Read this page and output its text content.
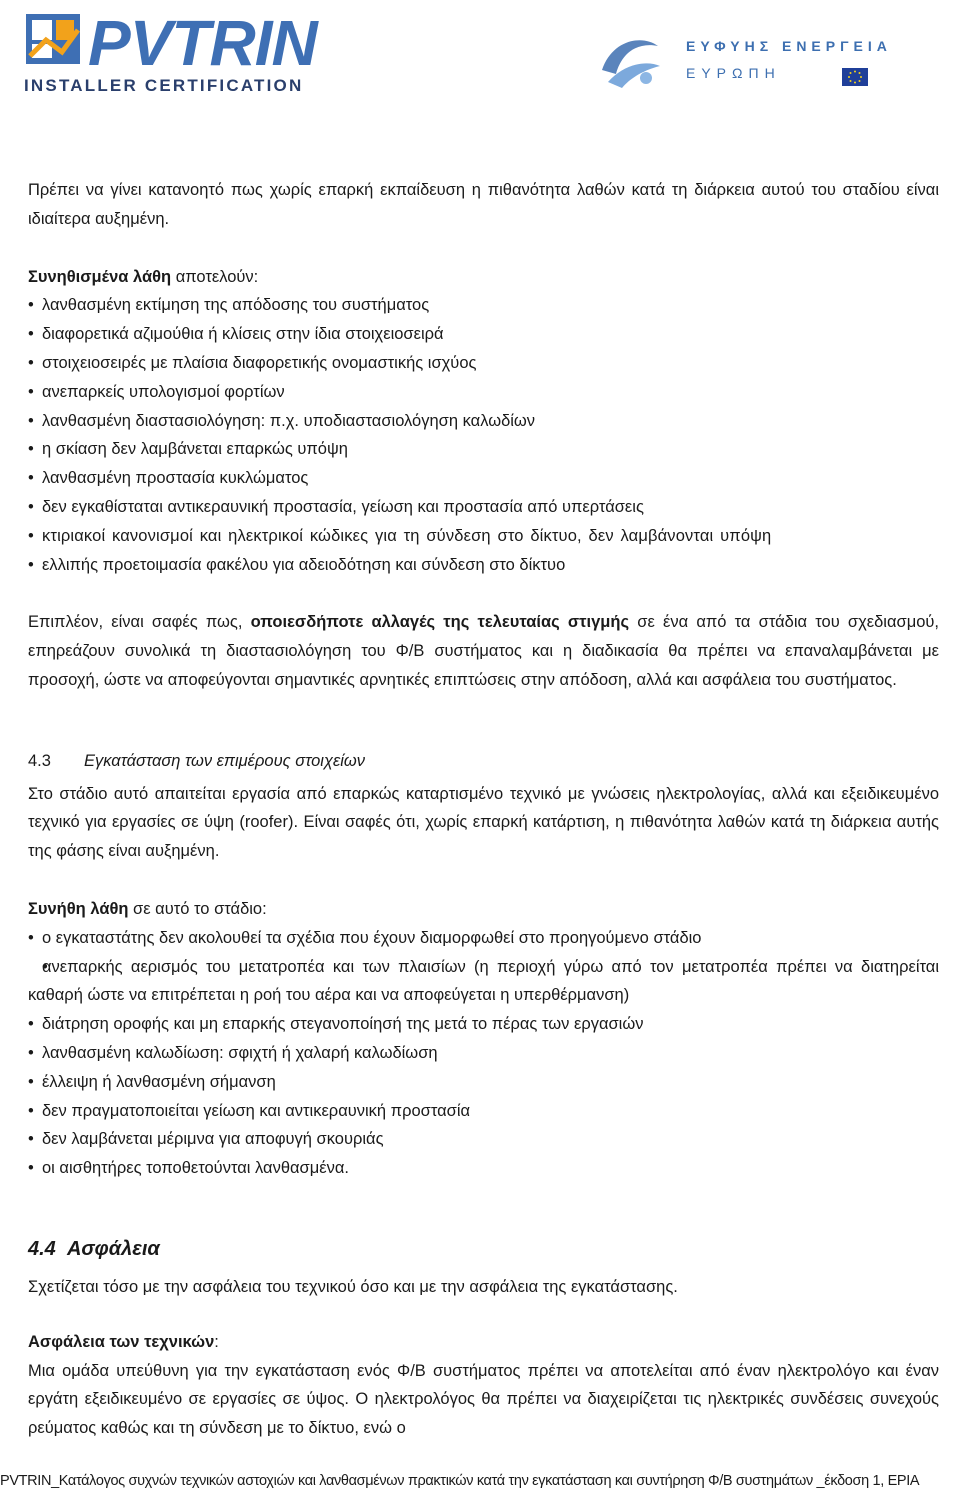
PVTRIN

INSTALLER CERTIFICATION

ΕΥΦΥΗΣ ΕΝΕΡΓΕΙΑ

ΕΥΡΩΠΗ

Πρέπει να γίνει κατανοητό πως χωρίς επαρκή εκπαίδευση η πιθανότητα λαθών κατά τη διάρκεια αυτού του σταδίου είναι ιδιαίτερα αυξημένη.

Συνηθισμένα λάθη αποτελούν:

• λανθασμένη εκτίμηση της απόδοσης του συστήματος
• διαφορετικά αζιμούθια ή κλίσεις στην ίδια στοιχειοσειρά
• στοιχειοσειρές με πλαίσια διαφορετικής ονομαστικής ισχύος
• ανεπαρκείς υπολογισμοί φορτίων
• λανθασμένη διαστασιολόγηση: π.χ. υποδιαστασιολόγηση καλωδίων
• η σκίαση δεν λαμβάνεται επαρκώς υπόψη
• λανθασμένη προστασία κυκλώματος
• δεν εγκαθίσταται αντικεραυνική προστασία, γείωση και προστασία από υπερτάσεις
• κτιριακοί κανονισμοί και ηλεκτρικοί κώδικες για τη σύνδεση στο δίκτυο, δεν λαμβάνονται υπόψη
• ελλιπής προετοιμασία φακέλου για αδειοδότηση και σύνδεση στο δίκτυο

Επιπλέον, είναι σαφές πως, οποιεσδήποτε αλλαγές της τελευταίας στιγμής σε ένα από τα στάδια του σχεδιασμού, επηρεάζουν συνολικά τη διαστασιολόγηση του Φ/Β συστήματος και η διαδικασία θα πρέπει να επαναλαμβάνεται με προσοχή, ώστε να αποφεύγονται σημαντικές αρνητικές επιπτώσεις στην απόδοση, αλλά και ασφάλεια του συστήματος.

4.3	Εγκατάσταση των επιμέρους στοιχείων

Στο στάδιο αυτό απαιτείται εργασία από επαρκώς καταρτισμένο τεχνικό με γνώσεις ηλεκτρολογίας, αλλά και εξειδικευμένο τεχνικό για εργασίες σε ύψη (roofer). Είναι σαφές ότι, χωρίς επαρκή κατάρτιση, η πιθανότητα λαθών κατά τη διάρκεια αυτής της φάσης είναι αυξημένη.

Συνήθη λάθη σε αυτό το στάδιο:

• ο εγκαταστάτης δεν ακολουθεί τα σχέδια που έχουν διαμορφωθεί στο προηγούμενο στάδιο
• ανεπαρκής αερισμός του μετατροπέα και των πλαισίων (η περιοχή γύρω από τον μετατροπέα πρέπει να διατηρείται καθαρή ώστε να επιτρέπεται η ροή του αέρα και να αποφεύγεται η υπερθέρμανση)
• διάτρηση οροφής και μη επαρκής στεγανοποίησή της μετά το πέρας των εργασιών
• λανθασμένη καλωδίωση: σφιχτή ή χαλαρή καλωδίωση
• έλλειψη ή λανθασμένη σήμανση
• δεν πραγματοποιείται γείωση και αντικεραυνική προστασία
• δεν λαμβάνεται μέριμνα για αποφυγή σκουριάς
• οι αισθητήρες τοποθετούνται λανθασμένα.
4.4 Ασφάλεια

Σχετίζεται τόσο με την ασφάλεια του τεχνικού όσο και με την ασφάλεια της εγκατάστασης.

Ασφάλεια των τεχνικών:

Μια ομάδα υπεύθυνη για την εγκατάσταση ενός Φ/Β συστήματος πρέπει να αποτελείται από έναν ηλεκτρολόγο και έναν εργάτη εξειδικευμένο σε εργασίες σε ύψος. Ο ηλεκτρολόγος θα πρέπει να διαχειρίζεται τις ηλεκτρικές συνδέσεις συνεχούς ρεύματος καθώς και τη σύνδεση με το δίκτυο, ενώ ο

PVTRIN_Κατάλογος συχνών τεχνικών αστοχιών και λανθασμένων πρακτικών κατά την εγκατάσταση και συντήρηση Φ/Β συστημάτων _έκδοση 1, EPIA
